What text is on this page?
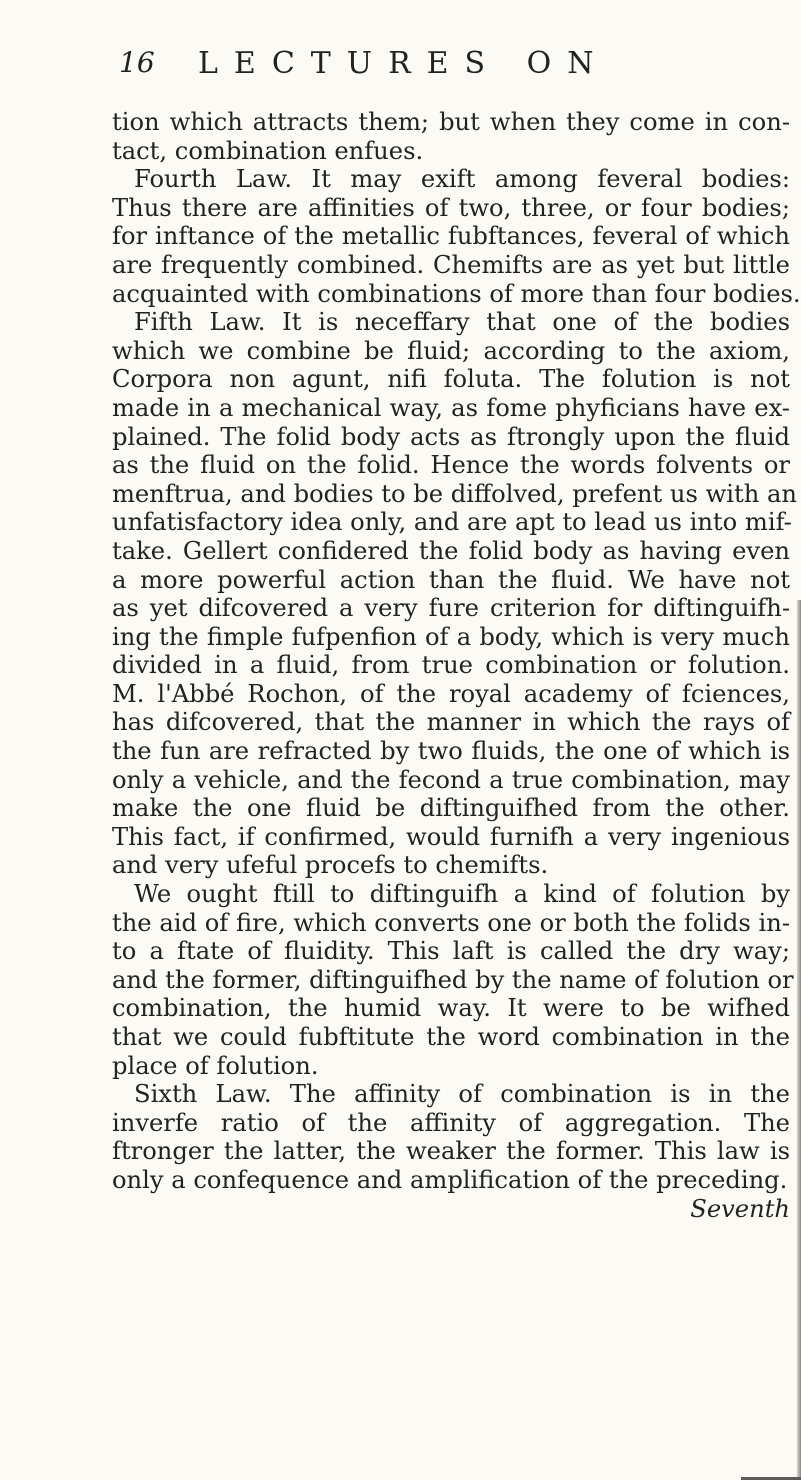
16 LECTURES ON
tion which attracts them; but when they come in con-
tact, combination enfues.
Fourth Law. It may exift among feveral bodies:
Thus there are affinities of two, three, or four bodies;
for inftance of the metallic fubftances, feveral of which
are frequently combined. Chemifts are as yet but little
acquainted with combinations of more than four bodies.
Fifth Law. It is neceffary that one of the bodies
which we combine be fluid; according to the axiom,
Corpora non agunt, nifi foluta. The folution is not
made in a mechanical way, as fome phyficians have ex-
plained. The folid body acts as ftrongly upon the fluid
as the fluid on the folid. Hence the words folvents or
menftrua, and bodies to be diffolved, prefent us with an
unfatisfactory idea only, and are apt to lead us into mif-
take. Gellert confidered the folid body as having even
a more powerful action than the fluid. We have not
as yet difcovered a very fure criterion for diftinguifh-
ing the fimple fufpenfion of a body, which is very much
divided in a fluid, from true combination or folution.
M. l'Abbé Rochon, of the royal academy of fciences,
has difcovered, that the manner in which the rays of
the fun are refracted by two fluids, the one of which is
only a vehicle, and the fecond a true combination, may
make the one fluid be diftinguifhed from the other.
This fact, if confirmed, would furnifh a very ingenious
and very ufeful procefs to chemifts.
We ought ftill to diftinguifh a kind of folution by
the aid of fire, which converts one or both the folids in-
to a ftate of fluidity. This laft is called the dry way;
and the former, diftinguifhed by the name of folution or
combination, the humid way. It were to be wifhed
that we could fubftitute the word combination in the
place of folution.
Sixth Law. The affinity of combination is in the
inverfe ratio of the affinity of aggregation. The
ftronger the latter, the weaker the former. This law is
only a confequence and amplification of the preceding.
Seventh
